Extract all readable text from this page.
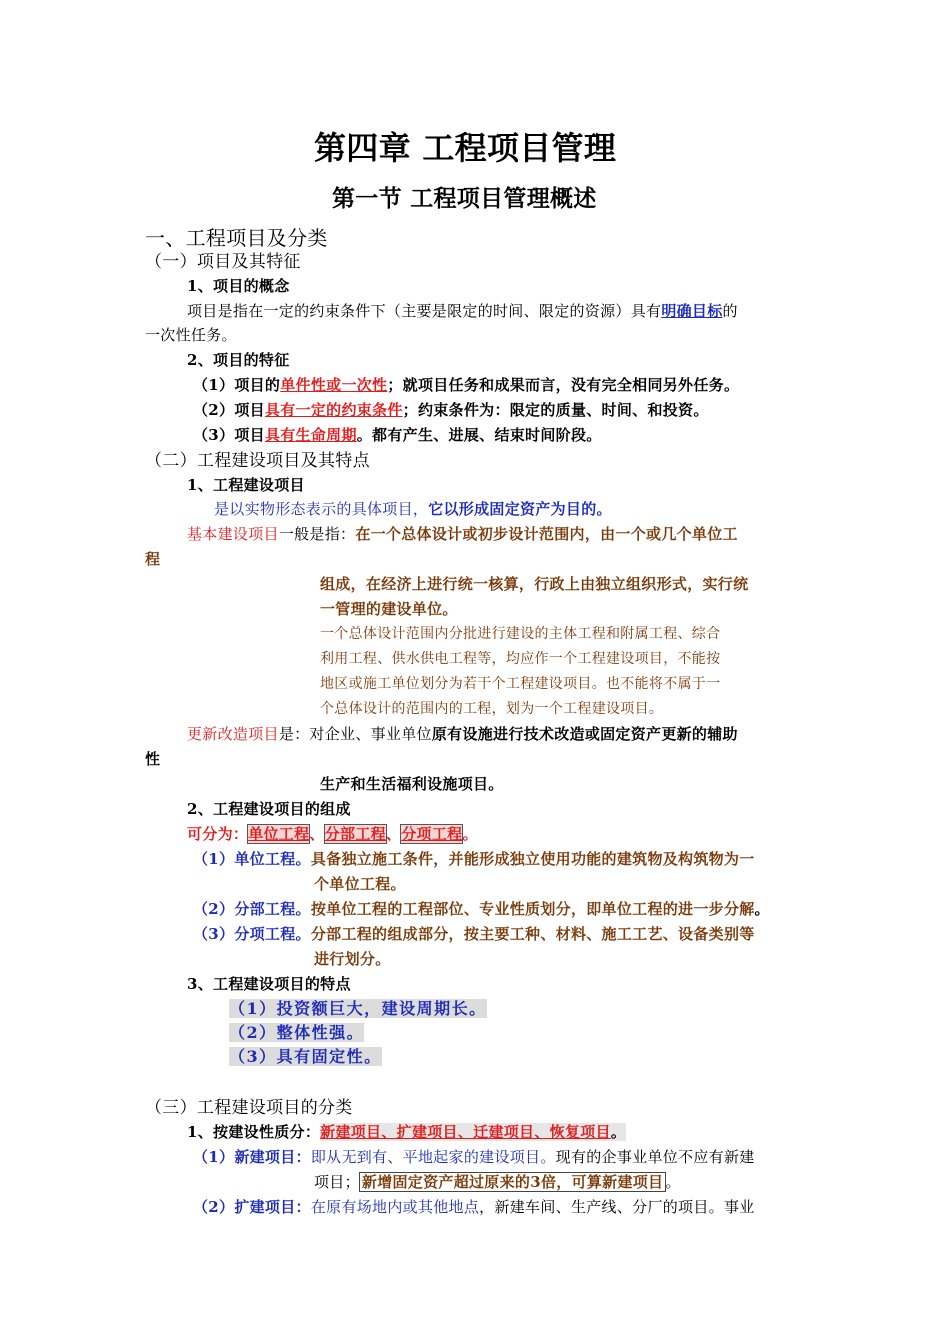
第四章 工程项目管理
第一节 工程项目管理概述
一、工程项目及分类
（一）项目及其特征
1、项目的概念
项目是指在一定的约束条件下（主要是限定的时间、限定的资源）具有明确目标的
一次性任务。
2、项目的特征
（1）项目的单件性或一次性；就项目任务和成果而言，没有完全相同另外任务。
（2）项目具有一定的约束条件；约束条件为：限定的质量、时间、和投资。
（3）项目具有生命周期。都有产生、进展、结束时间阶段。
（二）工程建设项目及其特点
1、工程建设项目
是以实物形态表示的具体项目，它以形成固定资产为目的。
基本建设项目一般是指：在一个总体设计或初步设计范围内，由一个或几个单位工
程
组成，在经济上进行统一核算，行政上由独立组织形式，实行统
一管理的建设单位。
一个总体设计范围内分批进行建设的主体工程和附属工程、综合
利用工程、供水供电工程等，均应作一个工程建设项目，不能按
地区或施工单位划分为若干个工程建设项目。也不能将不属于一
个总体设计的范围内的工程，划为一个工程建设项目。
更新改造项目是：对企业、事业单位原有设施进行技术改造或固定资产更新的辅助
性
生产和生活福利设施项目。
2、工程建设项目的组成
可分为：单位工程、分部工程、分项工程。
（1）单位工程。具备独立施工条件，并能形成独立使用功能的建筑物及构筑物为一
个单位工程。
（2）分部工程。按单位工程的工程部位、专业性质划分，即单位工程的进一步分解。
（3）分项工程。分部工程的组成部分，按主要工种、材料、施工工艺、设备类别等
进行划分。
3、工程建设项目的特点
（1）投资额巨大，建设周期长。
（2）整体性强。
（3）具有固定性。
（三）工程建设项目的分类
1、按建设性质分：新建项目、扩建项目、迁建项目、恢复项目。
（1）新建项目：即从无到有、平地起家的建设项目。现有的企事业单位不应有新建
项目； 新增固定资产超过原来的3倍，可算新建项目 。
（2）扩建项目：在原有场地内或其他地点，新建车间、生产线、分厂的项目。事业
